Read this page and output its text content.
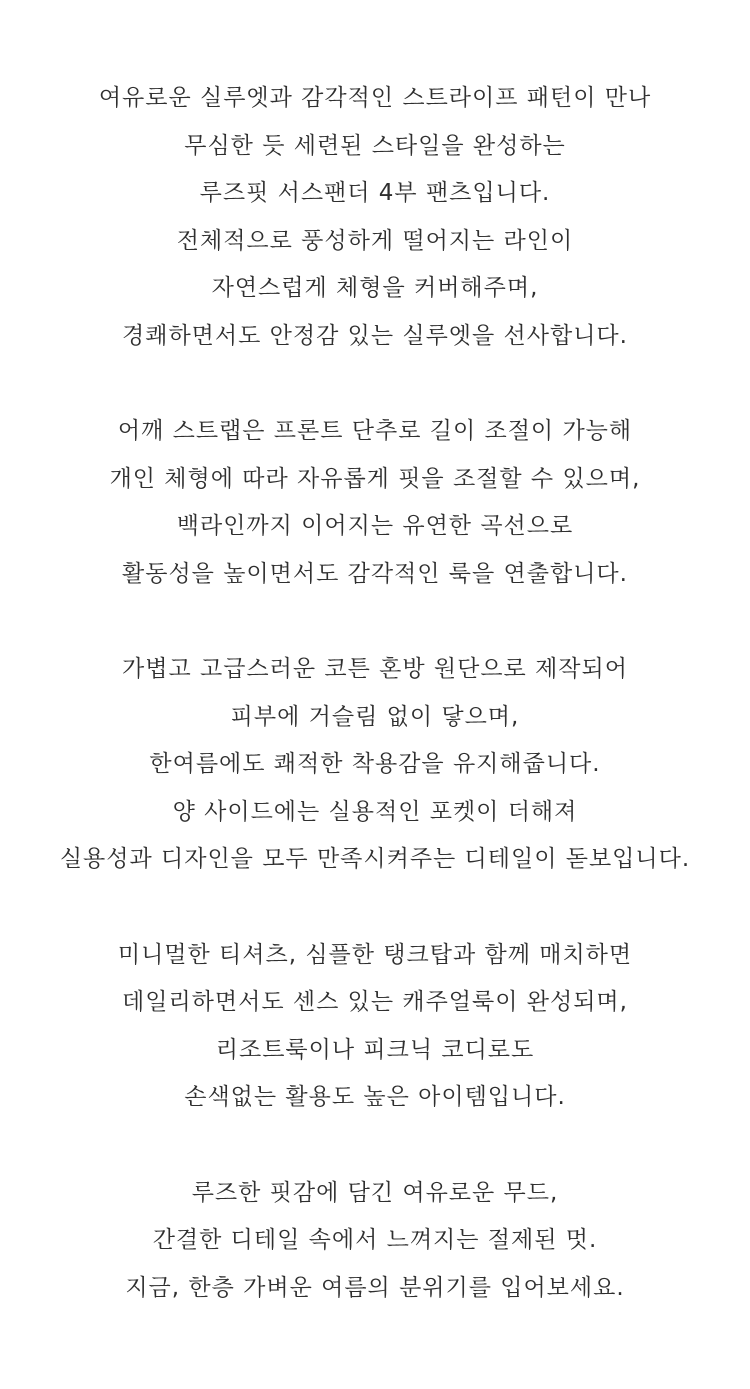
여유로운 실루엣과 감각적인 스트라이프 패턴이 만나
무심한 듯 세련된 스타일을 완성하는
루즈핏 서스팬더 4부 팬츠입니다.
전체적으로 풍성하게 떨어지는 라인이
자연스럽게 체형을 커버해주며,
경쾌하면서도 안정감 있는 실루엣을 선사합니다.
어깨 스트랩은 프론트 단추로 길이 조절이 가능해
개인 체형에 따라 자유롭게 핏을 조절할 수 있으며,
백라인까지 이어지는 유연한 곡선으로
활동성을 높이면서도 감각적인 룩을 연출합니다.
가볍고 고급스러운 코튼 혼방 원단으로 제작되어
피부에 거슬림 없이 닿으며,
한여름에도 쾌적한 착용감을 유지해줍니다.
양 사이드에는 실용적인 포켓이 더해져
실용성과 디자인을 모두 만족시켜주는 디테일이 돋보입니다.
미니멀한 티셔츠, 심플한 탱크탑과 함께 매치하면
데일리하면서도 센스 있는 캐주얼룩이 완성되며,
리조트룩이나 피크닉 코디로도
손색없는 활용도 높은 아이템입니다.
루즈한 핏감에 담긴 여유로운 무드,
간결한 디테일 속에서 느껴지는 절제된 멋.
지금, 한층 가벼운 여름의 분위기를 입어보세요.
